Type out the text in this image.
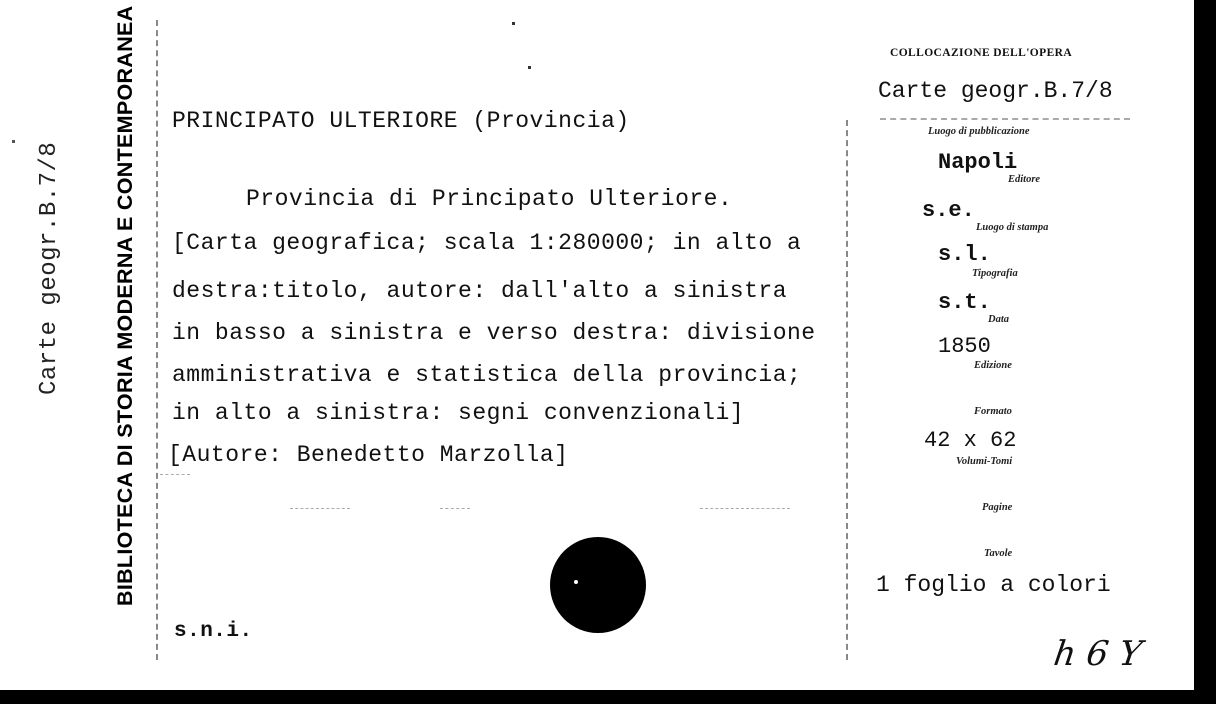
Carte geogr.B.7/8 BIBLIOTECA DI STORIA MODERNA E CONTEMPORANEA PRINCIPATO ULTERIORE (Provincia)
Provincia di Principato Ulteriore.
[Carta geografica; scala 1:280000; in alto a
destra:titolo, autore: dall'alto a sinistra
in basso a sinistra e verso destra: divisione
amministrativa e statistica della provincia;
in alto a sinistra: segni convenzionali]
[Autore: Benedetto Marzolla]
s.n.i.
COLLOCAZIONE DELL'OPERA
Carte geogr.B.7/8
Luogo di pubblicazione
Napoli
Editore
s.e.
Luogo di stampa
s.l.
Tipografia
s.t.
Data
1850
Edizione
Formato
42 x 62
Volumi-Tomi
Pagine
Tavole
1 foglio a colori
h 6 Y
